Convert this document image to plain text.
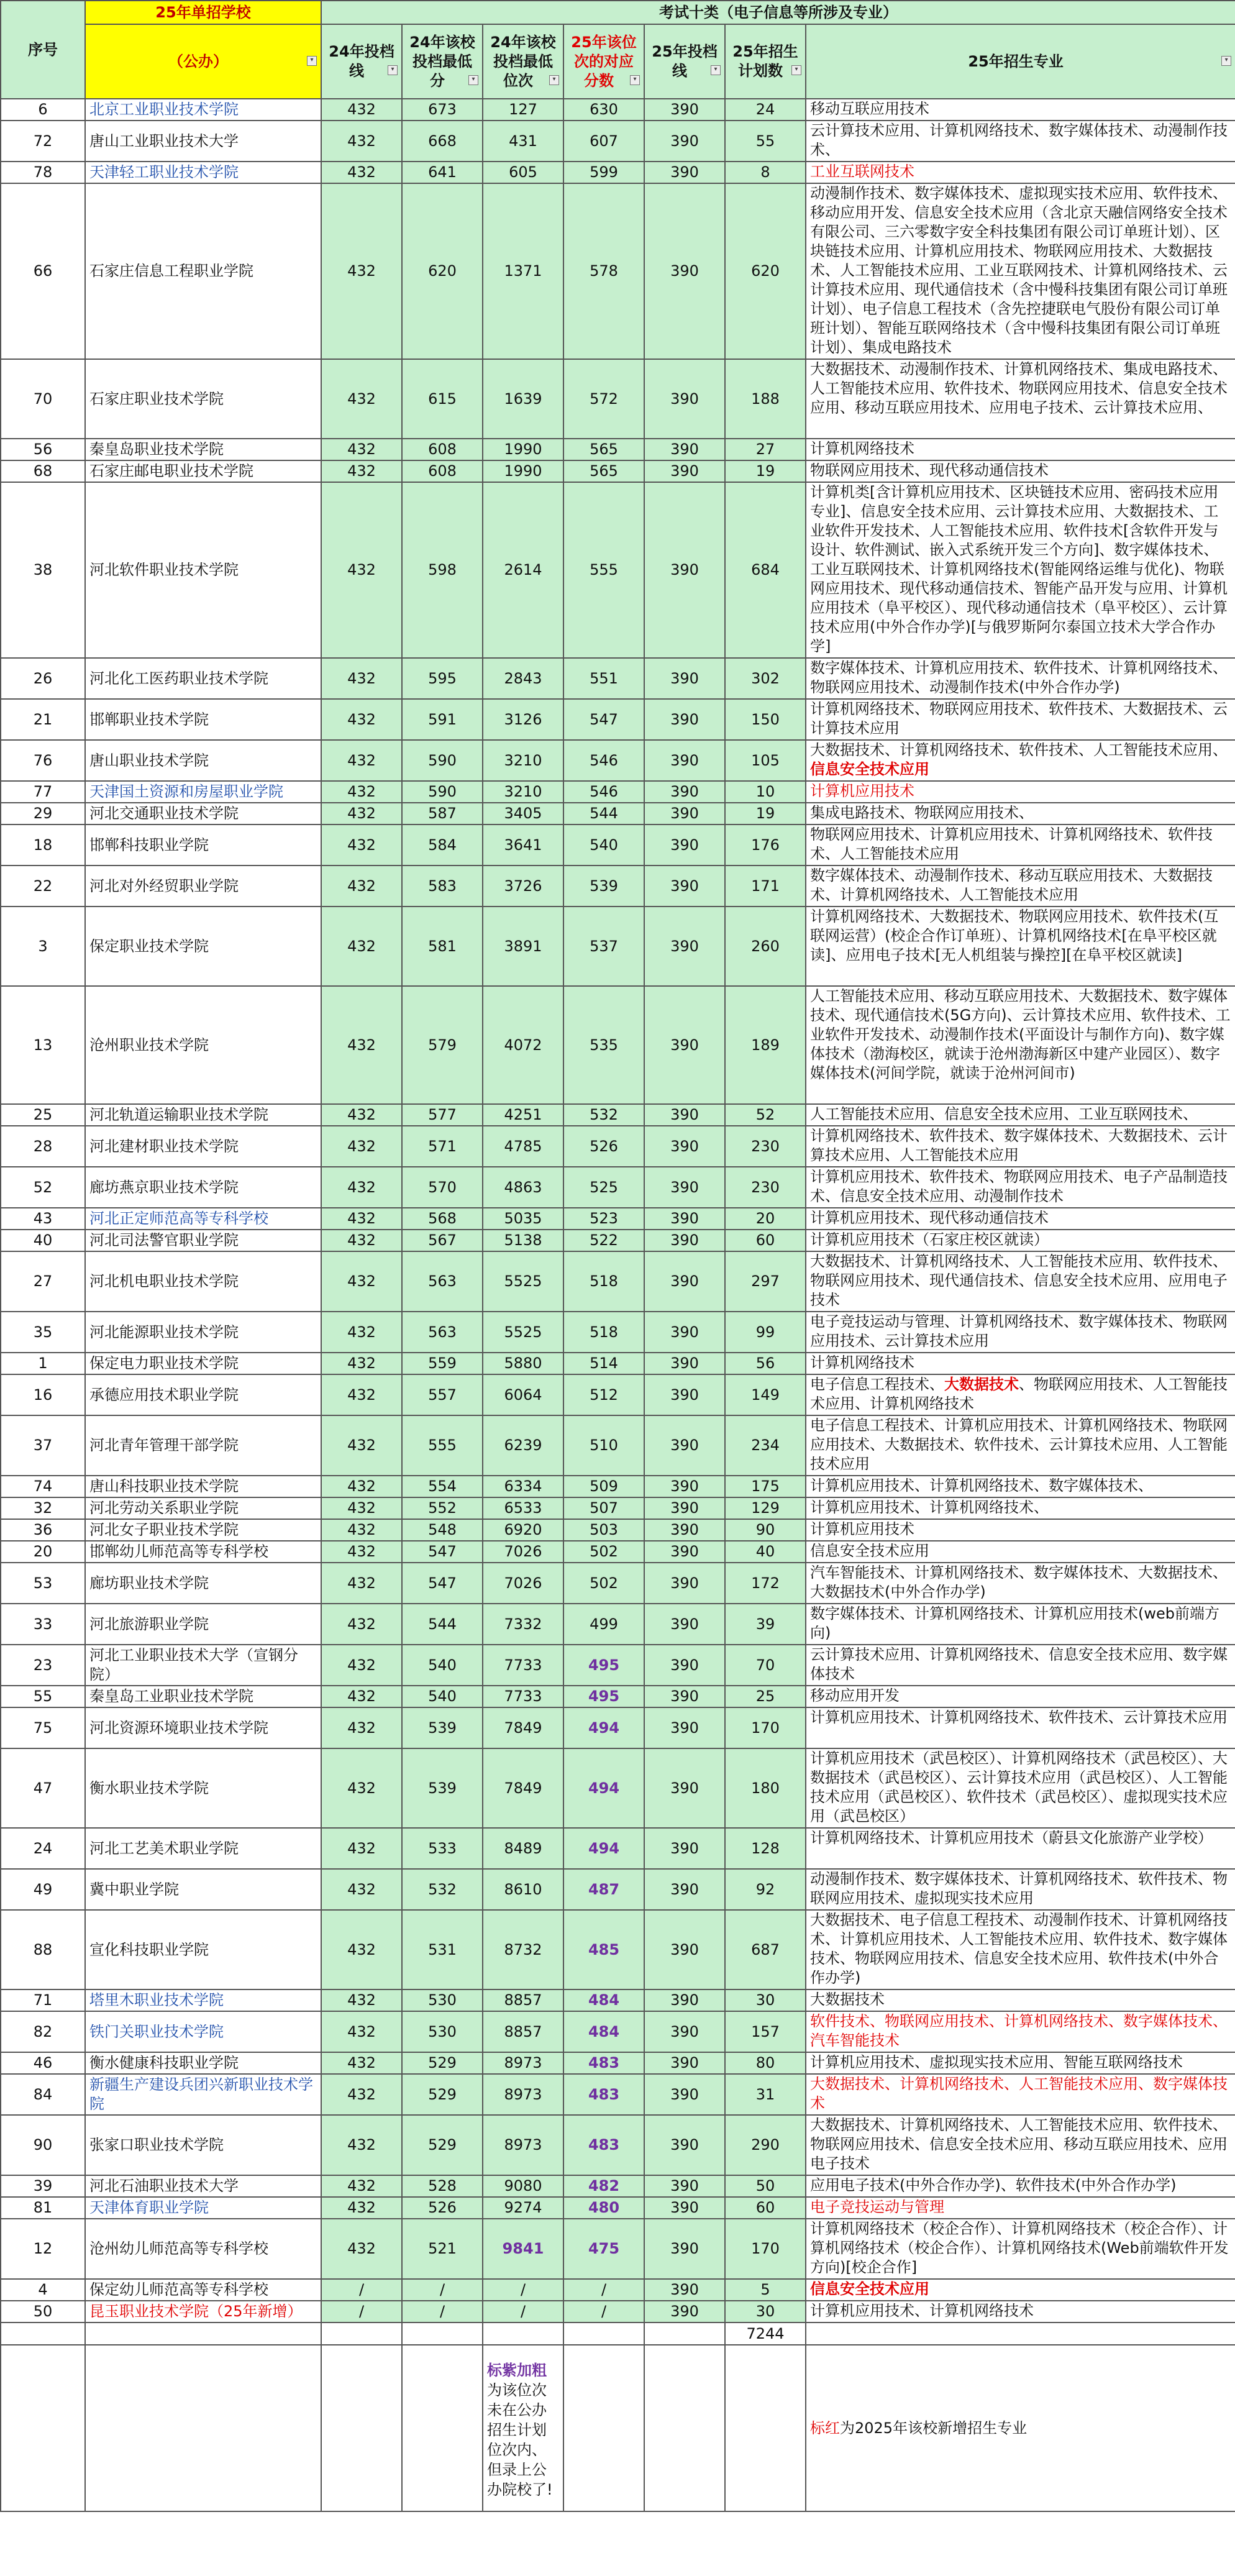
序号	25年单招学校	考试十类（电子信息等所涉及专业）						
	（公办） ▾	24年投档线 ▾	24年该校投档最低分 ▾	24年该校投档最低位次 ▾	25年该位次的对应分数 ▾	25年投档线 ▾	25年招生计划数 ▾	25年招生专业 ▾

6	北京工业职业技术学院	432	673	127	630	390	24	移动互联应用技术
72	唐山工业职业技术大学	432	668	431	607	390	55	云计算技术应用、计算机网络技术、数字媒体技术、动漫制作技术、
78	天津轻工职业技术学院	432	641	605	599	390	8	工业互联网技术
66	石家庄信息工程职业学院	432	620	1371	578	390	620	动漫制作技术、数字媒体技术、虚拟现实技术应用、软件技术、移动应用开发、信息安全技术应用（含北京天融信网络安全技术有限公司、三六零数字安全科技集团有限公司订单班计划）、区块链技术应用、计算机应用技术、物联网应用技术、大数据技术、人工智能技术应用、工业互联网技术、计算机网络技术、云计算技术应用、现代通信技术（含中慢科技集团有限公司订单班计划）、电子信息工程技术（含先控捷联电气股份有限公司订单班计划）、智能互联网络技术（含中慢科技集团有限公司订单班计划）、集成电路技术
70	石家庄职业技术学院	432	615	1639	572	390	188	大数据技术、动漫制作技术、计算机网络技术、集成电路技术、人工智能技术应用、软件技术、物联网应用技术、信息安全技术应用、移动互联应用技术、应用电子技术、云计算技术应用、
56	秦皇岛职业技术学院	432	608	1990	565	390	27	计算机网络技术
68	石家庄邮电职业技术学院	432	608	1990	565	390	19	物联网应用技术、现代移动通信技术
38	河北软件职业技术学院	432	598	2614	555	390	684	计算机类[含计算机应用技术、区块链技术应用、密码技术应用专业]、信息安全技术应用、云计算技术应用、大数据技术、工业软件开发技术、人工智能技术应用、软件技术[含软件开发与设计、软件测试、嵌入式系统开发三个方向]、数字媒体技术、工业互联网技术、计算机网络技术(智能网络运维与优化)、物联网应用技术、现代移动通信技术、智能产品开发与应用、计算机应用技术（阜平校区）、现代移动通信技术（阜平校区）、云计算技术应用(中外合作办学)[与俄罗斯阿尔泰国立技术大学合作办学]
26	河北化工医药职业技术学院	432	595	2843	551	390	302	数字媒体技术、计算机应用技术、软件技术、计算机网络技术、物联网应用技术、动漫制作技术(中外合作办学)
21	邯郸职业技术学院	432	591	3126	547	390	150	计算机网络技术、物联网应用技术、软件技术、大数据技术、云计算技术应用
76	唐山职业技术学院	432	590	3210	546	390	105	大数据技术、计算机网络技术、软件技术、人工智能技术应用、信息安全技术应用
77	天津国土资源和房屋职业学院	432	590	3210	546	390	10	计算机应用技术
29	河北交通职业技术学院	432	587	3405	544	390	19	集成电路技术、物联网应用技术、
18	邯郸科技职业学院	432	584	3641	540	390	176	物联网应用技术、计算机应用技术、计算机网络技术、软件技术、人工智能技术应用
22	河北对外经贸职业学院	432	583	3726	539	390	171	数字媒体技术、动漫制作技术、移动互联应用技术、大数据技术、计算机网络技术、人工智能技术应用
3	保定职业技术学院	432	581	3891	537	390	260	计算机网络技术、大数据技术、物联网应用技术、软件技术(互联网运营）(校企合作订单班）、计算机网络技术[在阜平校区就读]、应用电子技术[无人机组装与操控][在阜平校区就读]
13	沧州职业技术学院	432	579	4072	535	390	189	人工智能技术应用、移动互联应用技术、大数据技术、数字媒体技术、现代通信技术(5G方向)、云计算技术应用、软件技术、工业软件开发技术、动漫制作技术(平面设计与制作方向)、数字媒体技术（渤海校区，就读于沧州渤海新区中建产业园区）、数字媒体技术(河间学院，就读于沧州河间市)
25	河北轨道运输职业技术学院	432	577	4251	532	390	52	人工智能技术应用、信息安全技术应用、工业互联网技术、
28	河北建材职业技术学院	432	571	4785	526	390	230	计算机网络技术、软件技术、数字媒体技术、大数据技术、云计算技术应用、人工智能技术应用
52	廊坊燕京职业技术学院	432	570	4863	525	390	230	计算机应用技术、软件技术、物联网应用技术、电子产品制造技术、信息安全技术应用、动漫制作技术
43	河北正定师范高等专科学校	432	568	5035	523	390	20	计算机应用技术、现代移动通信技术
40	河北司法警官职业学院	432	567	5138	522	390	60	计算机应用技术（石家庄校区就读）
27	河北机电职业技术学院	432	563	5525	518	390	297	大数据技术、计算机网络技术、人工智能技术应用、软件技术、物联网应用技术、现代通信技术、信息安全技术应用、应用电子技术
35	河北能源职业技术学院	432	563	5525	518	390	99	电子竞技运动与管理、计算机网络技术、数字媒体技术、物联网应用技术、云计算技术应用
1	保定电力职业技术学院	432	559	5880	514	390	56	计算机网络技术
16	承德应用技术职业学院	432	557	6064	512	390	149	电子信息工程技术、大数据技术、物联网应用技术、人工智能技术应用、计算机网络技术
37	河北青年管理干部学院	432	555	6239	510	390	234	电子信息工程技术、计算机应用技术、计算机网络技术、物联网应用技术、大数据技术、软件技术、云计算技术应用、人工智能技术应用
74	唐山科技职业技术学院	432	554	6334	509	390	175	计算机应用技术、计算机网络技术、数字媒体技术、
32	河北劳动关系职业学院	432	552	6533	507	390	129	计算机应用技术、计算机网络技术、
36	河北女子职业技术学院	432	548	6920	503	390	90	计算机应用技术
20	邯郸幼儿师范高等专科学校	432	547	7026	502	390	40	信息安全技术应用
53	廊坊职业技术学院	432	547	7026	502	390	172	汽车智能技术、计算机网络技术、数字媒体技术、大数据技术、大数据技术(中外合作办学)
33	河北旅游职业学院	432	544	7332	499	390	39	数字媒体技术、计算机网络技术、计算机应用技术(web前端方向)
23	河北工业职业技术大学（宣钢分院）	432	540	7733	495	390	70	云计算技术应用、计算机网络技术、信息安全技术应用、数字媒体技术
55	秦皇岛工业职业技术学院	432	540	7733	495	390	25	移动应用开发
75	河北资源环境职业技术学院	432	539	7849	494	390	170	计算机应用技术、计算机网络技术、软件技术、云计算技术应用
47	衡水职业技术学院	432	539	7849	494	390	180	计算机应用技术（武邑校区）、计算机网络技术（武邑校区）、大数据技术（武邑校区）、云计算技术应用（武邑校区）、人工智能技术应用（武邑校区）、软件技术（武邑校区）、虚拟现实技术应用（武邑校区）
24	河北工艺美术职业学院	432	533	8489	494	390	128	计算机网络技术、计算机应用技术（蔚县文化旅游产业学校）
49	冀中职业学院	432	532	8610	487	390	92	动漫制作技术、数字媒体技术、计算机网络技术、软件技术、物联网应用技术、虚拟现实技术应用
88	宣化科技职业学院	432	531	8732	485	390	687	大数据技术、电子信息工程技术、动漫制作技术、计算机网络技术、计算机应用技术、人工智能技术应用、软件技术、数字媒体技术、物联网应用技术、信息安全技术应用、软件技术(中外合作办学)
71	塔里木职业技术学院	432	530	8857	484	390	30	大数据技术
82	铁门关职业技术学院	432	530	8857	484	390	157	软件技术、物联网应用技术、计算机网络技术、数字媒体技术、汽车智能技术
46	衡水健康科技职业学院	432	529	8973	483	390	80	计算机应用技术、虚拟现实技术应用、智能互联网络技术
84	新疆生产建设兵团兴新职业技术学院	432	529	8973	483	390	31	大数据技术、计算机网络技术、人工智能技术应用、数字媒体技术
90	张家口职业技术学院	432	529	8973	483	390	290	大数据技术、计算机网络技术、人工智能技术应用、软件技术、物联网应用技术、信息安全技术应用、移动互联应用技术、应用电子技术
39	河北石油职业技术大学	432	528	9080	482	390	50	应用电子技术(中外合作办学)、软件技术(中外合作办学)
81	天津体育职业学院	432	526	9274	480	390	60	电子竞技运动与管理
12	沧州幼儿师范高等专科学校	432	521	9841	475	390	170	计算机网络技术（校企合作）、计算机网络技术（校企合作）、计算机网络技术（校企合作）、计算机网络技术(Web前端软件开发方向)[校企合作]
4	保定幼儿师范高等专科学校	/	/	/	/	390	5	信息安全技术应用
50	昆玉职业技术学院（25年新增）	/	/	/	/	390	30	计算机应用技术、计算机网络技术
							7244	
				标紫加粗为该位次未在公办招生计划位次内、但录上公办院校了!				标红为2025年该校新增招生专业
